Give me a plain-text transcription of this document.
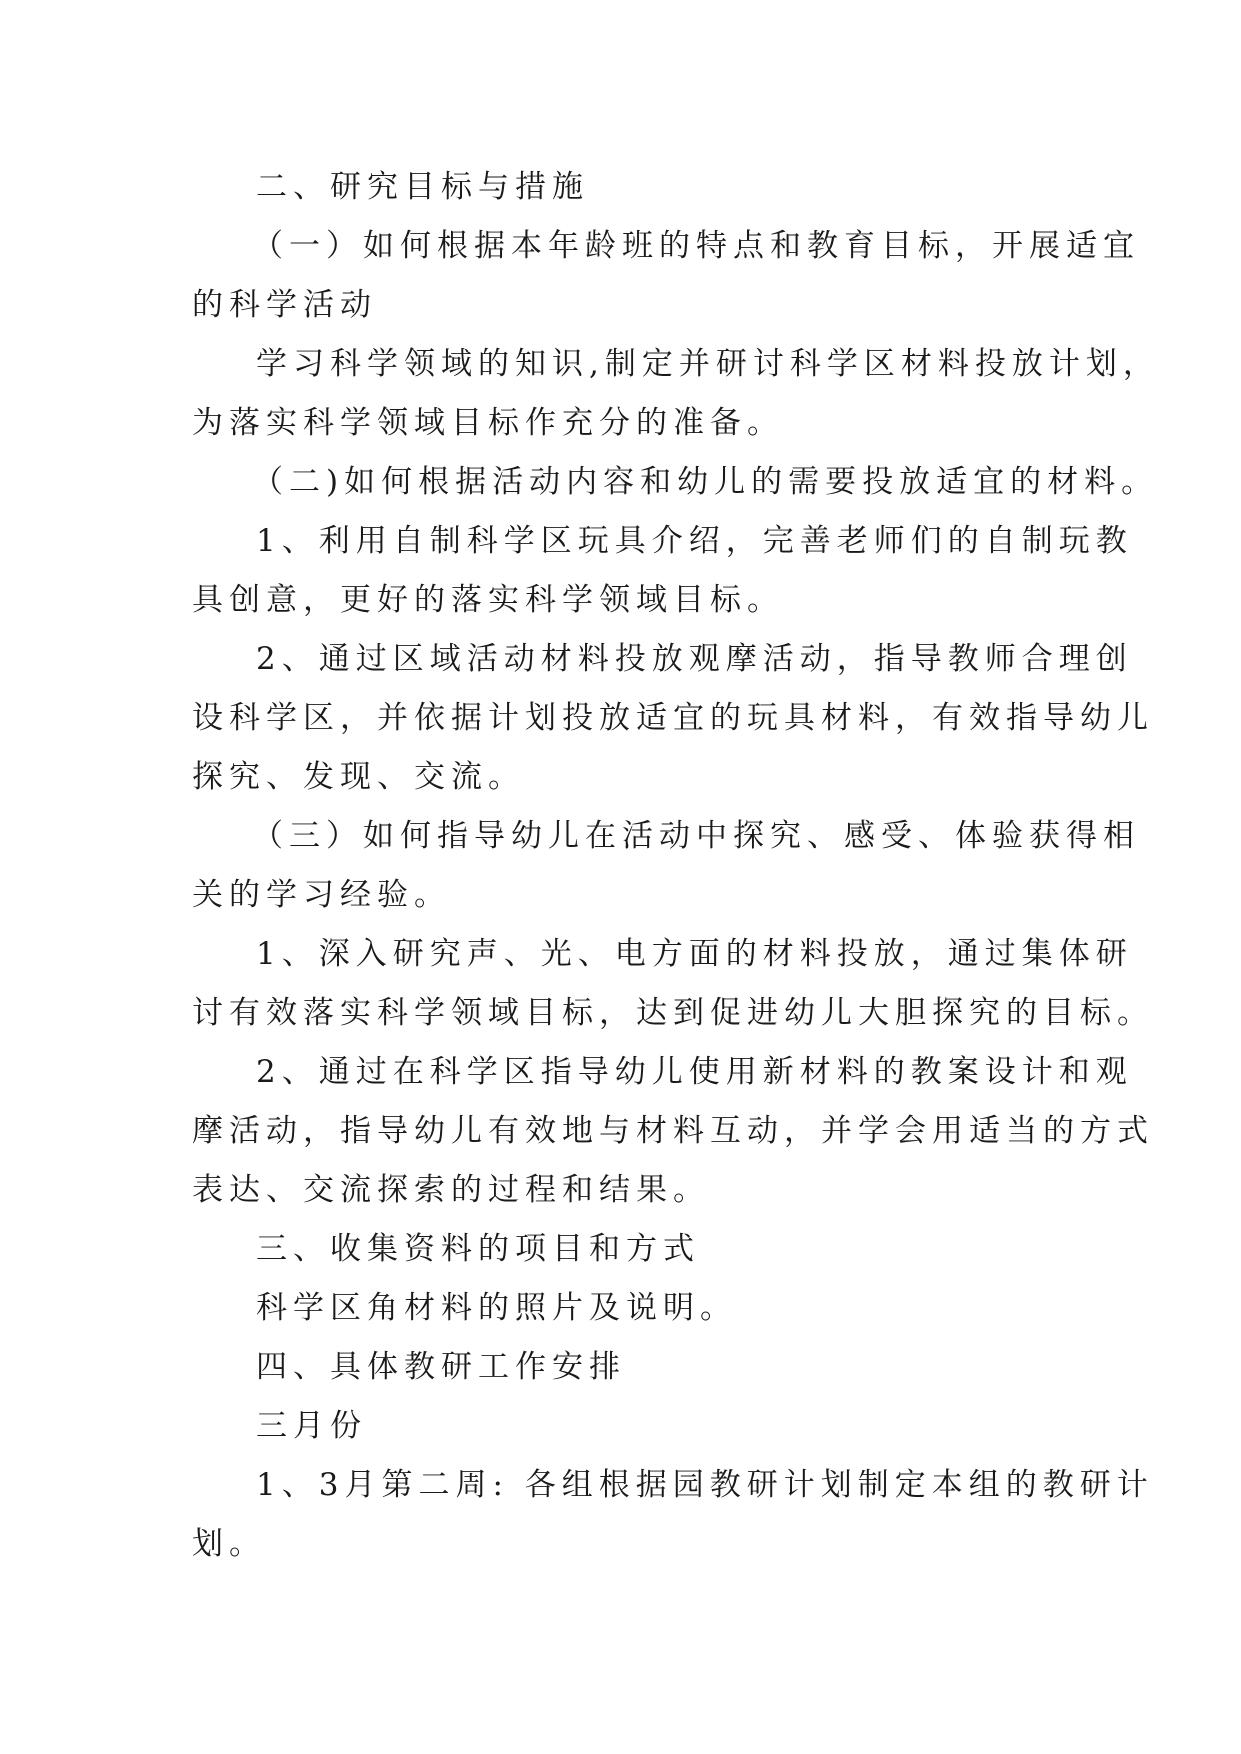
二、研究目标与措施

（一）如何根据本年龄班的特点和教育目标，开展适宜

的科学活动

学习科学领域的知识,制定并研讨科学区材料投放计划，

为落实科学领域目标作充分的准备。

（二)如何根据活动内容和幼儿的需要投放适宜的材料。

1、利用自制科学区玩具介绍，完善老师们的自制玩教

具创意，更好的落实科学领域目标。

2、通过区域活动材料投放观摩活动，指导教师合理创

设科学区，并依据计划投放适宜的玩具材料，有效指导幼儿

探究、发现、交流。

（三）如何指导幼儿在活动中探究、感受、体验获得相

关的学习经验。

1、深入研究声、光、电方面的材料投放，通过集体研

讨有效落实科学领域目标，达到促进幼儿大胆探究的目标。

2、通过在科学区指导幼儿使用新材料的教案设计和观

摩活动，指导幼儿有效地与材料互动，并学会用适当的方式

表达、交流探索的过程和结果。

三、收集资料的项目和方式

科学区角材料的照片及说明。

四、具体教研工作安排

三月份

1、3月第二周: 各组根据园教研计划制定本组的教研计

划。
